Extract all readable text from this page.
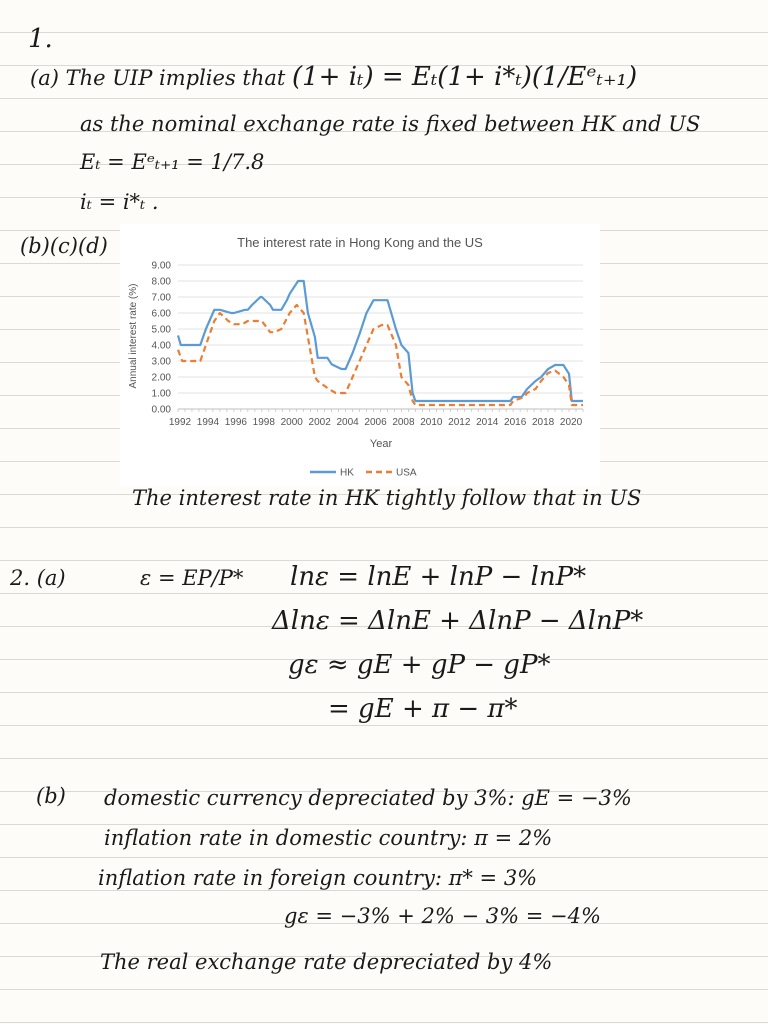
1.
(a) The UIP implies that (1+ iₜ) = Eₜ(1+ i*ₜ)(1/Eᵉₜ₊₁)
as the nominal exchange rate is fixed between HK and US
Eₜ = Eᵉₜ₊₁ = 1/7.8
iₜ = i*ₜ .
(b)(c)(d)	The interest rate in Hong Kong and the US
0.00
1.00
2.00
3.00
4.00
5.00
6.00
7.00
8.00
9.00
1992 1994 1996 1998 2000 2002 2004 2006 2008 2010 2012 2014 2016 2018 2020
Annual interest rate (%)
Year
HK	USA
The interest rate in HK tightly follow that in US
2. (a)	ε = EP/P* lnε = lnE + lnP − lnP*
Δlnε = ΔlnE + ΔlnP − ΔlnP*
gε ≈ gE + gP − gP*
= gE + π − π*
(b) domestic currency depreciated by 3%: gE = −3%
inflation rate in domestic country: π = 2%
inflation rate in foreign country: π* = 3%
gε = −3% + 2% − 3% = −4%
The real exchange rate depreciated by 4%
